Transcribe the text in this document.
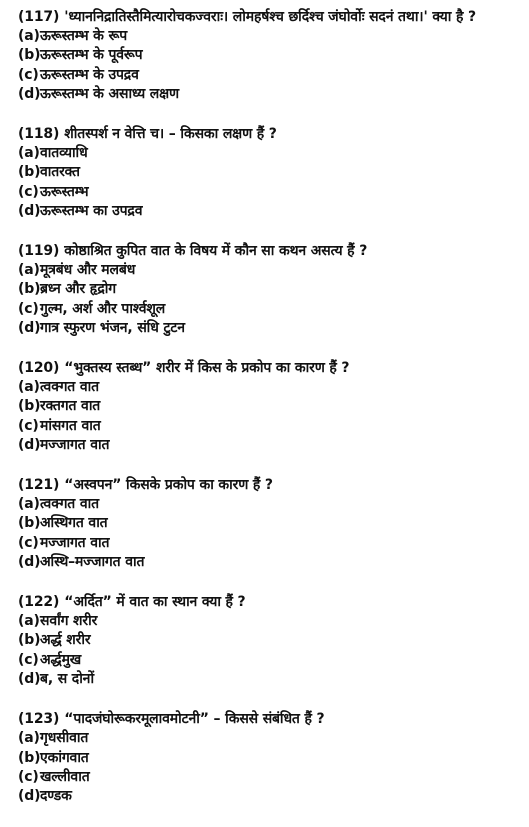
(117) 'ध्याननिद्रातिस्तैमित्यारोचकज्वराः। लोमहर्षश्च छर्दिश्च जंघोर्वोः सदनं तथा।' क्या है ?
(a)ऊरूस्तम्भ के रूप
(b)ऊरूस्तम्भ के पूर्वरूप
(c)ऊरूस्तम्भ के उपद्रव
(d)ऊरूस्तम्भ के असाध्य लक्षण
(118) शीतस्पर्श न वेत्ति च। – किसका लक्षण हैं ?
(a)वातव्याधि
(b)वातरक्त
(c)ऊरूस्तम्भ
(d)ऊरूस्तम्भ का उपद्रव
(119) कोष्ठाश्रित कुपित वात के विषय में कौन सा कथन असत्य हैं ?
(a)मूत्रबंध और मलबंध
(b)ब्रध्न और हृद्रोग
(c)गुल्म, अर्श और पार्श्वशूल
(d)गात्र स्फुरण भंजन, संधि टुटन
(120) “भुक्तस्य स्तब्ध” शरीर में किस के प्रकोप का कारण हैं ?
(a)त्वक्गत वात
(b)रक्तगत वात
(c)मांसगत वात
(d)मज्जागत वात
(121) “अस्वपन” किसके प्रकोप का कारण हैं ?
(a)त्वक्गत वात
(b)अस्थिगत वात
(c)मज्जागत वात
(d)अस्थि–मज्जागत वात
(122) “अर्दित” में वात का स्थान क्या हैं ?
(a)सर्वांग शरीर
(b)अर्द्ध शरीर
(c)अर्द्धमुख
(d)ब, स दोनों
(123) “पादजंघोरूकरमूलावमोटनी” – किससे संबंधित हैं ?
(a)गृधसीवात
(b)एकांगवात
(c)खल्लीवात
(d)दण्डक
